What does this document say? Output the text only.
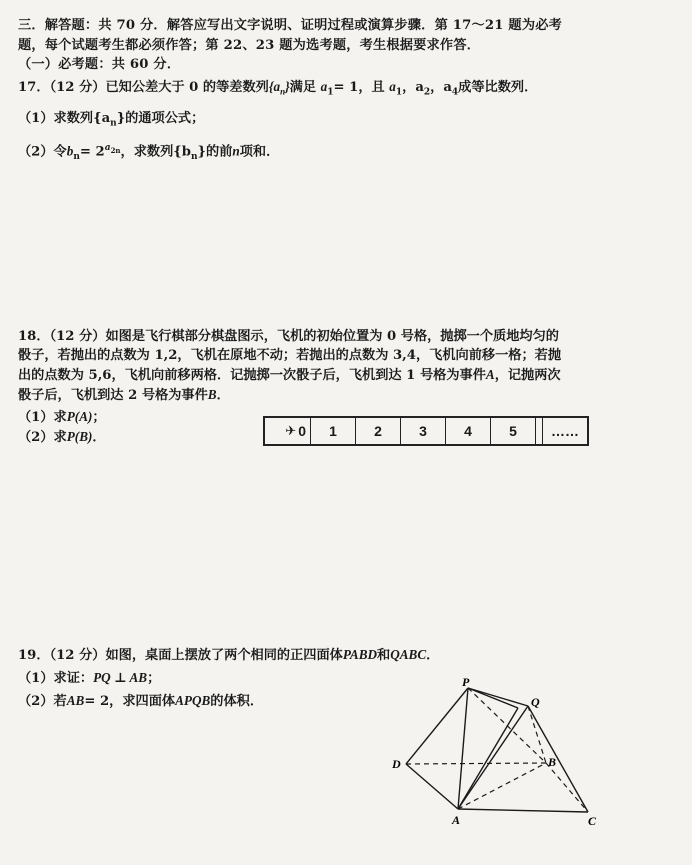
三．解答题：共 70 分．解答应写出文字说明、证明过程或演算步骤．第 17～21 题为必考
题，每个试题考生都必须作答；第 22、23 题为选考题，考生根据要求作答．
（一）必考题：共 60 分．
17．（12 分）已知公差大于 0 的等差数列$\{a_n\}$满足 $a_1= 1$，且 $a_1$，$a_2$，$a_4$成等比数列．
（1）求数列$\{a_n\}$的通项公式；
（2）令$b_n= 2^{a_{2n}}$，求数列$\{b_n\}$的前n项和．
18．（12 分）如图是飞行棋部分棋盘图示，飞机的初始位置为 0 号格，抛掷一个质地均匀的
骰子，若抛出的点数为 1,2，飞机在原地不动；若抛出的点数为 3,4，飞机向前移一格；若抛
出的点数为 5,6，飞机向前移两格．记抛掷一次骰子后，飞机到达 1 号格为事件A，记抛两次
骰子后，飞机到达 2 号格为事件B．
（1）求P(A)；
（2）求P(B)．	✈ 0	1	2	3	4	5	……
19．（12 分）如图，桌面上摆放了两个相同的正四面体PABD和QABC．
（1）求证：PQ ⊥ AB；
（2）若AB= 2，求四面体APQB的体积．
P
Q
D	B
A	C
